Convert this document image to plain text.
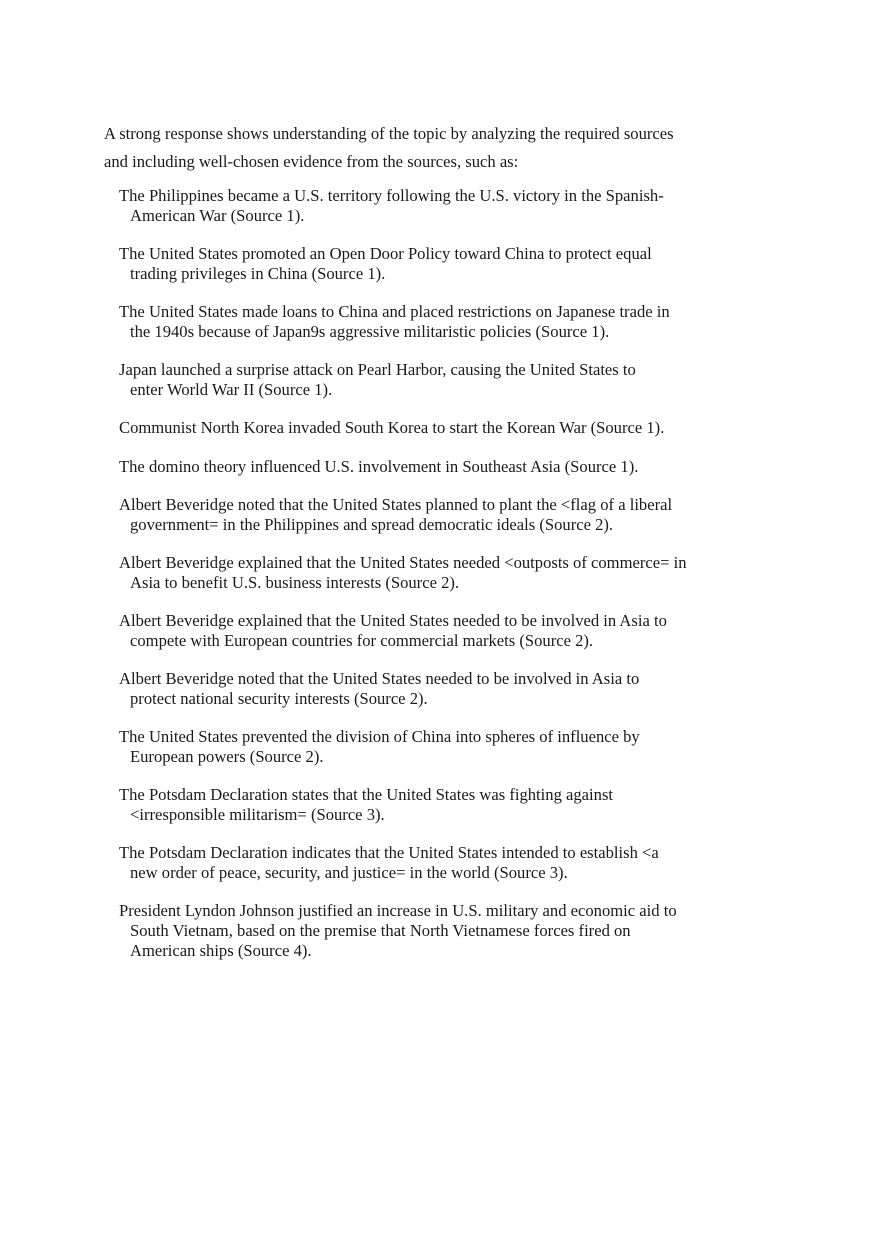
A strong response shows understanding of the topic by analyzing the required sources
and including well-chosen evidence from the sources, such as:

The Philippines became a U.S. territory following the U.S. victory in the Spanish-
American War (Source 1).
The United States promoted an Open Door Policy toward China to protect equal
trading privileges in China (Source 1).
The United States made loans to China and placed restrictions on Japanese trade in
the 1940s because of Japan9s aggressive militaristic policies (Source 1).
Japan launched a surprise attack on Pearl Harbor, causing the United States to
enter World War II (Source 1).
Communist North Korea invaded South Korea to start the Korean War (Source 1).
The domino theory influenced U.S. involvement in Southeast Asia (Source 1).
Albert Beveridge noted that the United States planned to plant the <flag of a liberal
government= in the Philippines and spread democratic ideals (Source 2).
Albert Beveridge explained that the United States needed <outposts of commerce= in
Asia to benefit U.S. business interests (Source 2).
Albert Beveridge explained that the United States needed to be involved in Asia to
compete with European countries for commercial markets (Source 2).
Albert Beveridge noted that the United States needed to be involved in Asia to
protect national security interests (Source 2).
The United States prevented the division of China into spheres of influence by
European powers (Source 2).
The Potsdam Declaration states that the United States was fighting against
<irresponsible militarism= (Source 3).
The Potsdam Declaration indicates that the United States intended to establish <a
new order of peace, security, and justice= in the world (Source 3).
President Lyndon Johnson justified an increase in U.S. military and economic aid to
South Vietnam, based on the premise that North Vietnamese forces fired on
American ships (Source 4).
